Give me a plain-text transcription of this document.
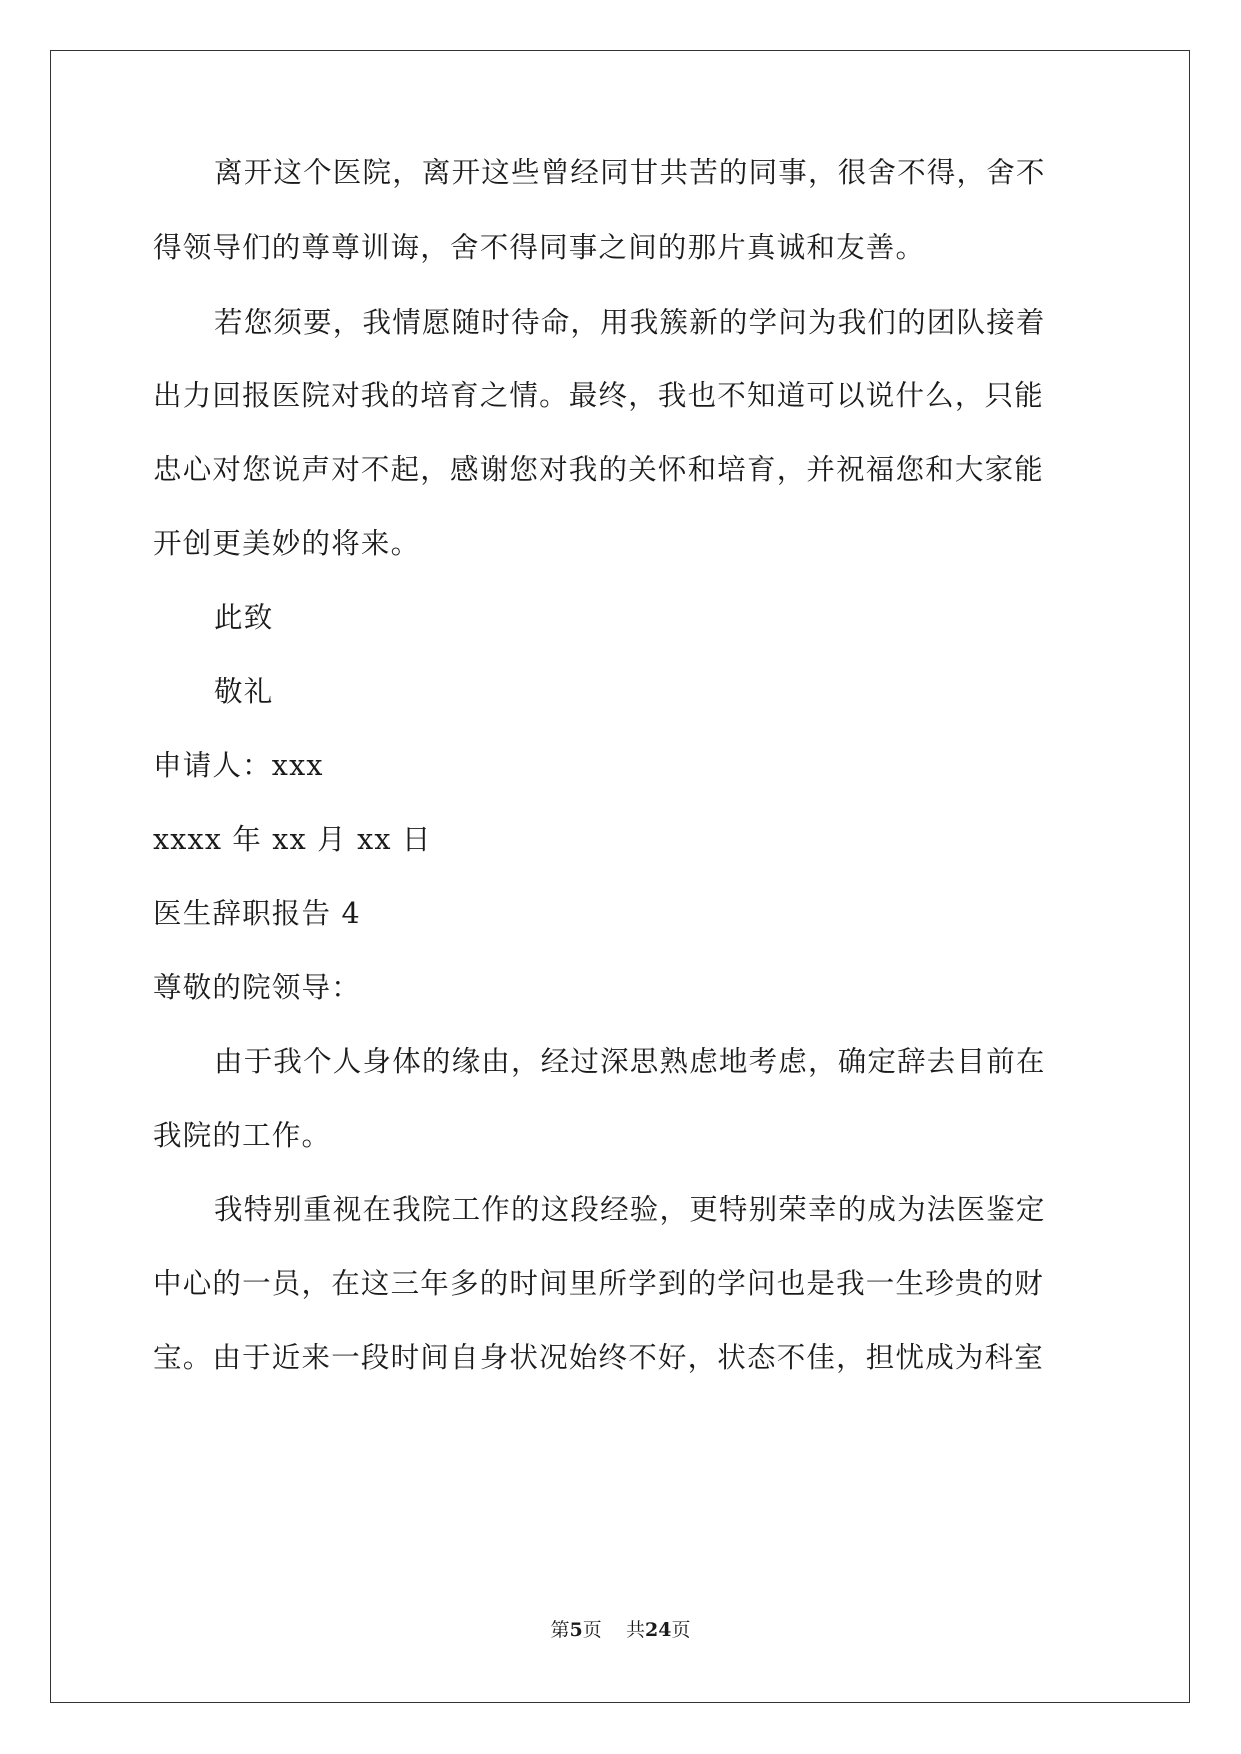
离开这个医院，离开这些曾经同甘共苦的同事，很舍不得，舍不
得领导们的尊尊训诲，舍不得同事之间的那片真诚和友善。
若您须要，我情愿随时待命，用我簇新的学问为我们的团队接着
出力回报医院对我的培育之情。最终，我也不知道可以说什么，只能
忠心对您说声对不起，感谢您对我的关怀和培育，并祝福您和大家能
开创更美妙的将来。
此致
敬礼
申请人：xxx
xxxx 年 xx 月 xx 日
医生辞职报告 4
尊敬的院领导：
由于我个人身体的缘由，经过深思熟虑地考虑，确定辞去目前在
我院的工作。
我特别重视在我院工作的这段经验，更特别荣幸的成为法医鉴定
中心的一员，在这三年多的时间里所学到的学问也是我一生珍贵的财
宝。由于近来一段时间自身状况始终不好，状态不佳，担忧成为科室
第5页 共24页
